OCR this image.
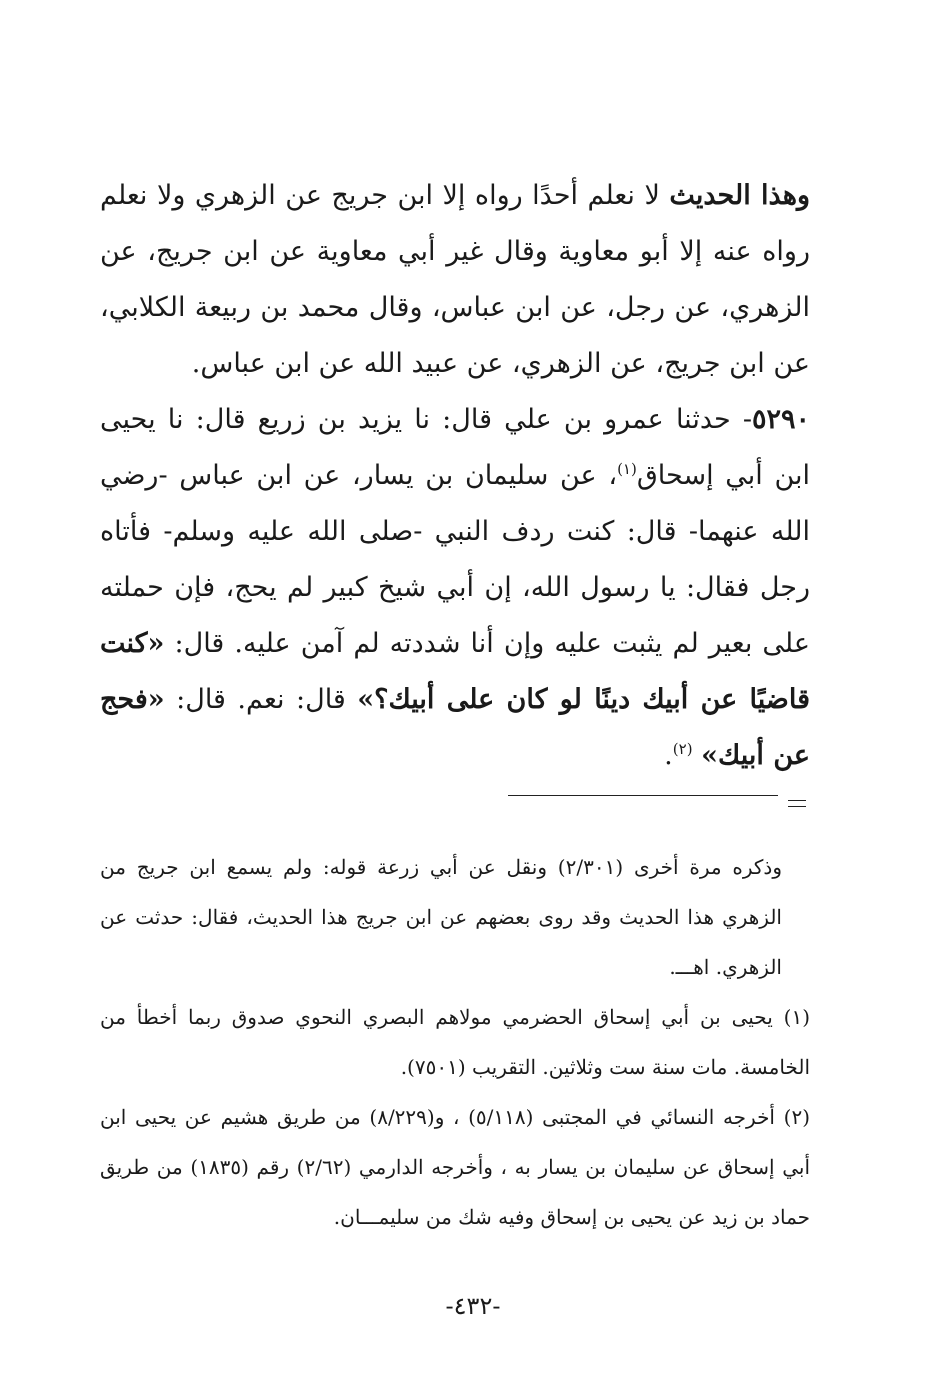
وهذا الحديث لا نعلم أحدًا رواه إلا ابن جريج عن الزهري ولا نعلم رواه عنه إلا أبو معاوية وقال غير أبي معاوية عن ابن جريج، عن الزهري، عن رجل، عن ابن عباس، وقال محمد بن ربيعة الكلابي، عن ابن جريج، عن الزهري، عن عبيد الله عن ابن عباس.

٥٢٩٠- حدثنا عمرو بن علي قال: نا يزيد بن زريع قال: نا يحيى ابن أبي إسحاق$^{(١)}$، عن سليمان بن يسار، عن ابن عباس -رضي الله عنهما- قال: كنت ردف النبي -صلى الله عليه وسلم- فأتاه رجل فقال: يا رسول الله، إن أبي شيخ كبير لم يحج، فإن حملته على بعير لم يثبت عليه وإن أنا شددته لم آمن عليه. قال: «كنت قاضيًا عن أبيك دينًا لو كان على أبيك؟» قال: نعم. قال: «فحج عن أبيك» $^{(٢)}$.

وذكره مرة أخرى (٢/٣٠١) ونقل عن أبي زرعة قوله: ولم يسمع ابن جريج من الزهري هذا الحديث وقد روى بعضهم عن ابن جريج هذا الحديث، فقال: حدثت عن الزهري. اهـــ.

(١) يحيى بن أبي إسحاق الحضرمي مولاهم البصري النحوي صدوق ربما أخطأ من الخامسة. مات سنة ست وثلاثين. التقريب (٧٥٠١).

(٢) أخرجه النسائي في المجتبى (٥/١١٨) ، و(٨/٢٢٩) من طريق هشيم عن يحيى ابن أبي إسحاق عن سليمان بن يسار به ، وأخرجه الدارمي (٢/٦٢) رقم (١٨٣٥) من طريق حماد بن زيد عن يحيى بن إسحاق وفيه شك من سليمـــان.

-٤٣٢-
